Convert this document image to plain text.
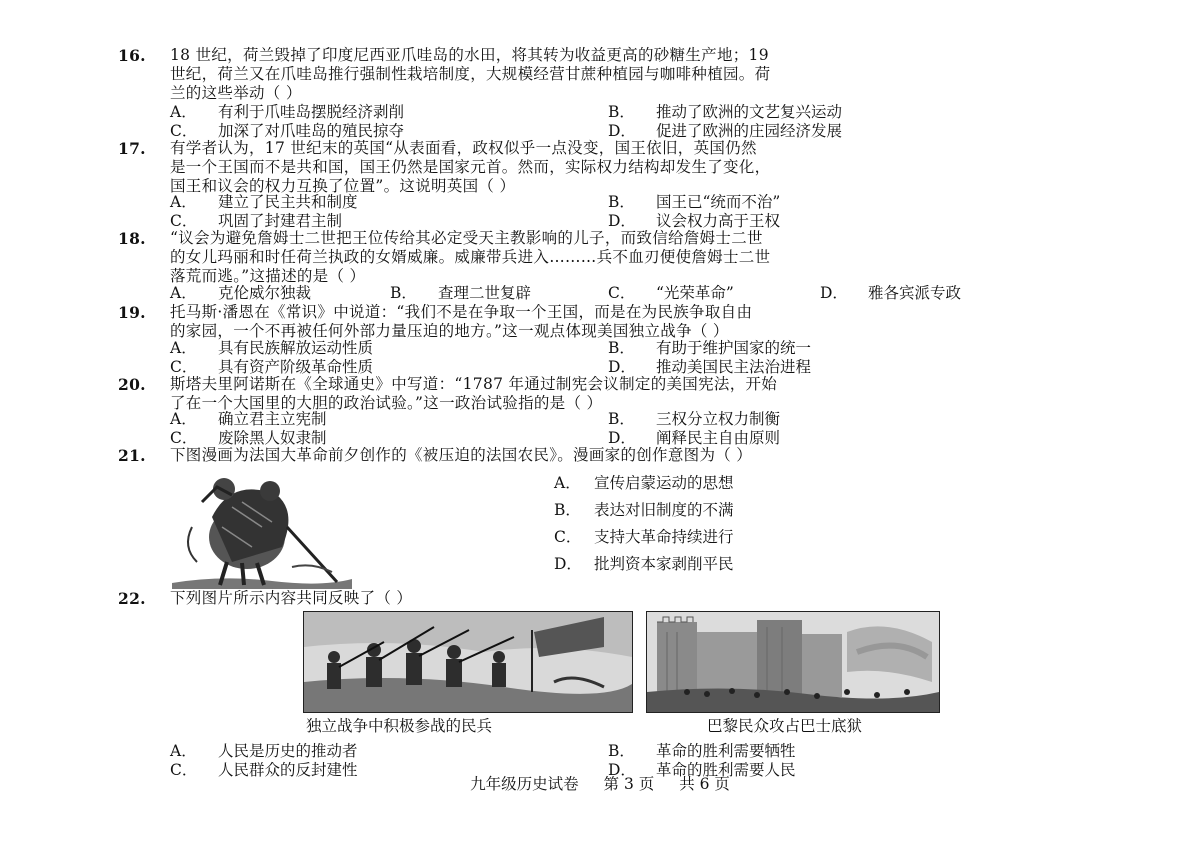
16.	18 世纪，荷兰毁掉了印度尼西亚爪哇岛的水田，将其转为收益更高的砂糖生产地；19
世纪，荷兰又在爪哇岛推行强制性栽培制度，大规模经营甘蔗种植园与咖啡种植园。荷
兰的这些举动（ ）
A． 有利于爪哇岛摆脱经济剥削	B． 推动了欧洲的文艺复兴运动
C． 加深了对爪哇岛的殖民掠夺	D． 促进了欧洲的庄园经济发展
17.	有学者认为，17 世纪末的英国“从表面看，政权似乎一点没变，国王依旧，英国仍然
是一个王国而不是共和国，国王仍然是国家元首。然而，实际权力结构却发生了变化，
国王和议会的权力互换了位置”。这说明英国（ ）
A． 建立了民主共和制度	B． 国王已“统而不治”
C． 巩固了封建君主制	D． 议会权力高于王权
18.	“议会为避免詹姆士二世把王位传给其必定受天主教影响的儿子，而致信给詹姆士二世
的女儿玛丽和时任荷兰执政的女婿威廉。威廉带兵进入………兵不血刃便使詹姆士二世
落荒而逃。”这描述的是（ ）
A． 克伦威尔独裁	B． 查理二世复辟	C． “光荣革命”	D． 雅各宾派专政
19.	托马斯·潘恩在《常识》中说道：“我们不是在争取一个王国，而是在为民族争取自由
的家园，一个不再被任何外部力量压迫的地方。”这一观点体现美国独立战争（ ）
A． 具有民族解放运动性质	B． 有助于维护国家的统一
C． 具有资产阶级革命性质	D． 推动美国民主法治进程
20.	斯塔夫里阿诺斯在《全球通史》中写道：“1787 年通过制宪会议制定的美国宪法，开始
了在一个大国里的大胆的政治试验。”这一政治试验指的是（ ）
A． 确立君主立宪制	B． 三权分立权力制衡
C． 废除黑人奴隶制	D． 阐释民主自由原则
21.	下图漫画为法国大革命前夕创作的《被压迫的法国农民》。漫画家的创作意图为（ ）
A． 宣传启蒙运动的思想
B． 表达对旧制度的不满
C． 支持大革命持续进行
D． 批判资本家剥削平民
22.	下列图片所示内容共同反映了（ ）
独立战争中积极参战的民兵	巴黎民众攻占巴士底狱
A． 人民是历史的推动者	B． 革命的胜利需要牺牲
C． 人民群众的反封建性	D． 革命的胜利需要人民
九年级历史试卷 第 3 页 共 6 页
